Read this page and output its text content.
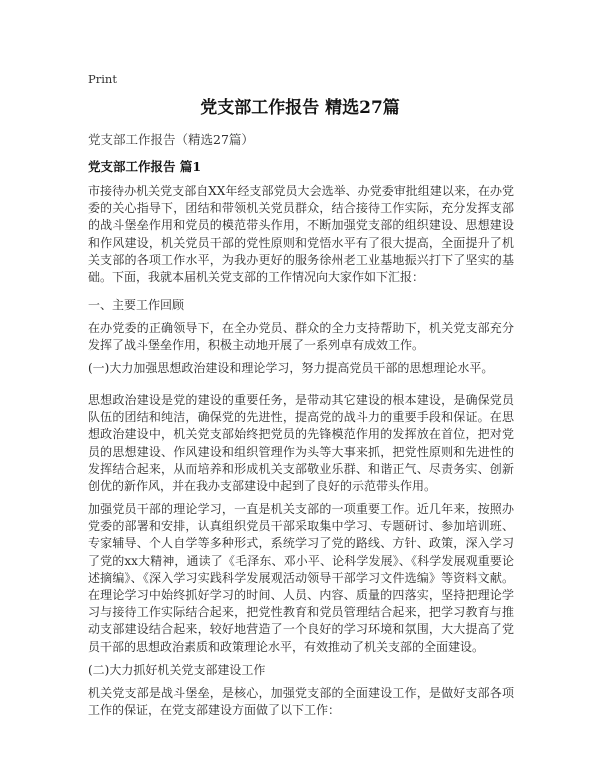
Print
党支部工作报告 精选27篇
党支部工作报告（精选27篇）
党支部工作报告 篇1

市接待办机关党支部自XX年经支部党员大会选举、办党委审批组建以来，在办党委的关心指导下，团结和带领机关党员群众，结合接待工作实际，充分发挥支部的战斗堡垒作用和党员的模范带头作用，不断加强党支部的组织建设、思想建设和作风建设，机关党员干部的党性原则和党悟水平有了很大提高，全面提升了机关支部的各项工作水平，为我办更好的服务徐州老工业基地振兴打下了坚实的基础。下面，我就本届机关党支部的工作情况向大家作如下汇报：

一、主要工作回顾

在办党委的正确领导下，在全办党员、群众的全力支持帮助下，机关党支部充分发挥了战斗堡垒作用，积极主动地开展了一系列卓有成效工作。

(一)大力加强思想政治建设和理论学习，努力提高党员干部的思想理论水平。

思想政治建设是党的建设的重要任务，是带动其它建设的根本建设，是确保党员队伍的团结和纯洁，确保党的先进性，提高党的战斗力的重要手段和保证。在思想政治建设中，机关党支部始终把党员的先锋模范作用的发挥放在首位，把对党员的思想建设、作风建设和组织管理作为头等大事来抓，把党性原则和先进性的发挥结合起来，从而培养和形成机关支部敬业乐群、和谐正气、尽责务实、创新创优的新作风，并在我办支部建设中起到了良好的示范带头作用。

加强党员干部的理论学习，一直是机关支部的一项重要工作。近几年来，按照办党委的部署和安排，认真组织党员干部采取集中学习、专题研讨、参加培训班、专家辅导、个人自学等多种形式，系统学习了党的路线、方针、政策，深入学习了党的xx大精神，通读了《毛泽东、邓小平、论科学发展》、《科学发展观重要论述摘编》、《深入学习实践科学发展观活动领导干部学习文件选编》等资料文献。在理论学习中始终抓好学习的时间、人员、内容、质量的四落实，坚持把理论学习与接待工作实际结合起来，把党性教育和党员管理结合起来，把学习教育与推动支部建设结合起来，较好地营造了一个良好的学习环境和氛围，大大提高了党员干部的思想政治素质和政策理论水平，有效推动了机关支部的全面建设。

(二)大力抓好机关党支部建设工作

机关党支部是战斗堡垒，是核心，加强党支部的全面建设工作，是做好支部各项工作的保证，在党支部建设方面做了以下工作：
